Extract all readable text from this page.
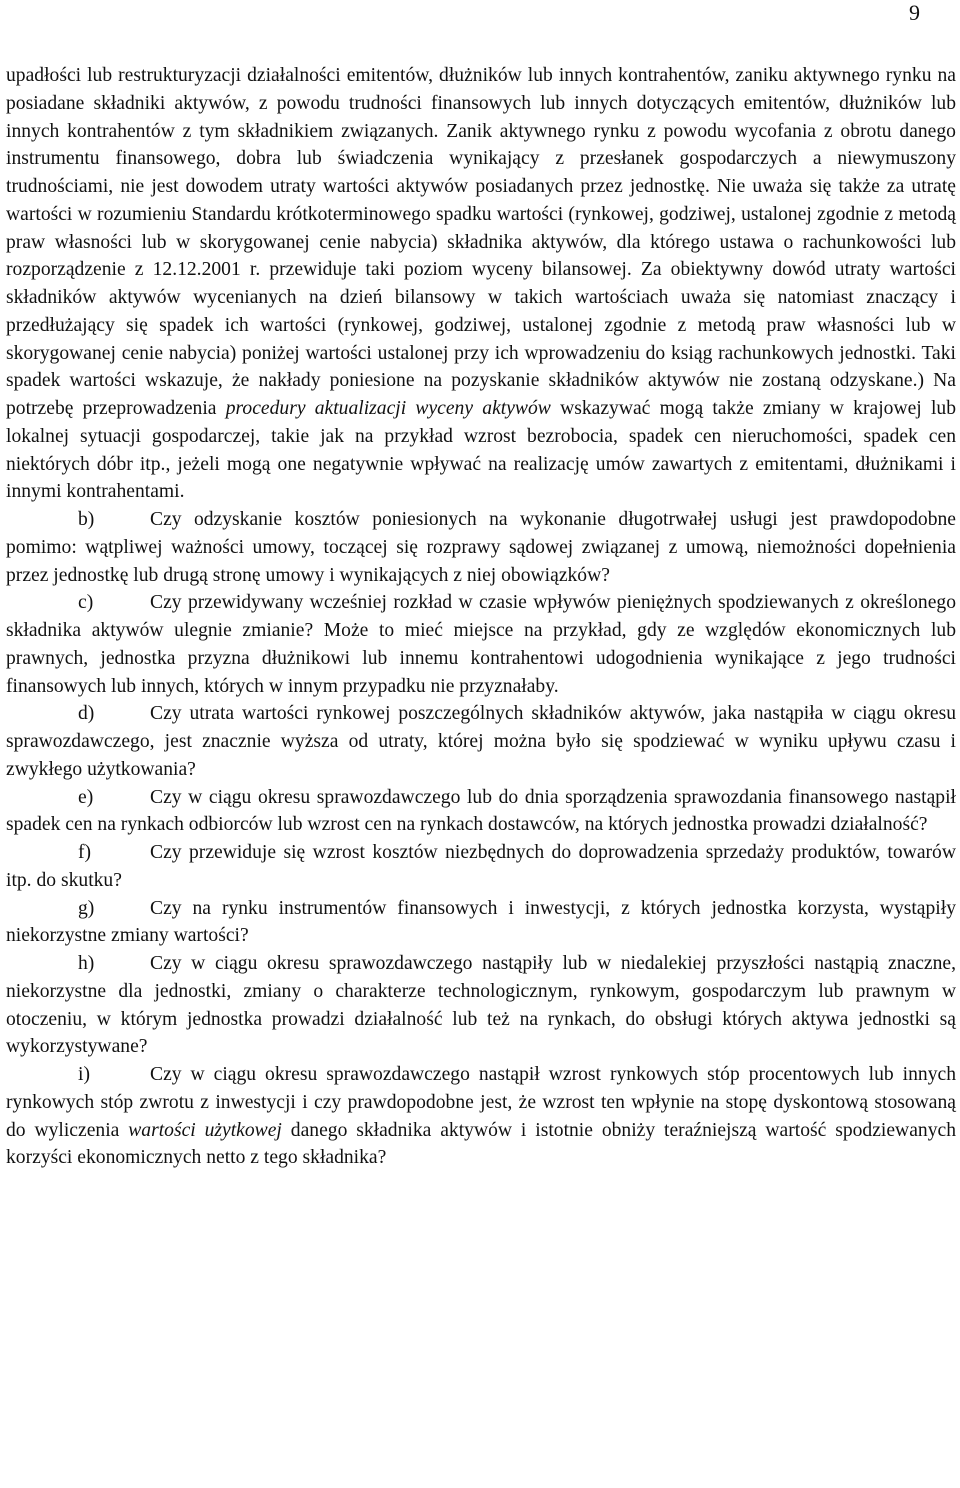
9

upadłości lub restrukturyzacji działalności emitentów, dłużników lub innych kontrahentów, zaniku aktywnego rynku na posiadane składniki aktywów, z powodu trudności finansowych lub innych dotyczących emitentów, dłużników lub innych kontrahentów z tym składnikiem związanych. Zanik aktywnego rynku z powodu wycofania z obrotu danego instrumentu finansowego, dobra lub świadczenia wynikający z przesłanek gospodarczych a niewymuszony trudnościami, nie jest dowodem utraty wartości aktywów posiadanych przez jednostkę. Nie uważa się także za utratę wartości w rozumieniu Standardu krótkoterminowego spadku wartości (rynkowej, godziwej, ustalonej zgodnie z metodą praw własności lub w skorygowanej cenie nabycia) składnika aktywów, dla którego ustawa o rachunkowości lub rozporządzenie z 12.12.2001 r. przewiduje taki poziom wyceny bilansowej. Za obiektywny dowód utraty wartości składników aktywów wycenianych na dzień bilansowy w takich wartościach uważa się natomiast znaczący i przedłużający się spadek ich wartości (rynkowej, godziwej, ustalonej zgodnie z metodą praw własności lub w skorygowanej cenie nabycia) poniżej wartości ustalonej przy ich wprowadzeniu do ksiąg rachunkowych jednostki. Taki spadek wartości wskazuje, że nakłady poniesione na pozyskanie składników aktywów nie zostaną odzyskane.) Na potrzebę przeprowadzenia procedury aktualizacji wyceny aktywów wskazywać mogą także zmiany w krajowej lub lokalnej sytuacji gospodarczej, takie jak na przykład wzrost bezrobocia, spadek cen nieruchomości, spadek cen niektórych dóbr itp., jeżeli mogą one negatywnie wpływać na realizację umów zawartych z emitentami, dłużnikami i innymi kontrahentami.

b)	Czy odzyskanie kosztów poniesionych na wykonanie długotrwałej usługi jest prawdopodobne pomimo: wątpliwej ważności umowy, toczącej się rozprawy sądowej związanej z umową, niemożności dopełnienia przez jednostkę lub drugą stronę umowy i wynikających z niej obowiązków?

c)	Czy przewidywany wcześniej rozkład w czasie wpływów pieniężnych spodziewanych z określonego składnika aktywów ulegnie zmianie? Może to mieć miejsce na przykład, gdy ze względów ekonomicznych lub prawnych, jednostka przyzna dłużnikowi lub innemu kontrahentowi udogodnienia wynikające z jego trudności finansowych lub innych, których w innym przypadku nie przyznałaby.

d)	Czy utrata wartości rynkowej poszczególnych składników aktywów, jaka nastąpiła w ciągu okresu sprawozdawczego, jest znacznie wyższa od utraty, której można było się spodziewać w wyniku upływu czasu i zwykłego użytkowania?

e)	Czy w ciągu okresu sprawozdawczego lub do dnia sporządzenia sprawozdania finansowego nastąpił spadek cen na rynkach odbiorców lub wzrost cen na rynkach dostawców, na których jednostka prowadzi działalność?

f)	Czy przewiduje się wzrost kosztów niezbędnych do doprowadzenia sprzedaży produktów, towarów itp. do skutku?

g)	Czy na rynku instrumentów finansowych i inwestycji, z których jednostka korzysta, wystąpiły niekorzystne zmiany wartości?

h)	Czy w ciągu okresu sprawozdawczego nastąpiły lub w niedalekiej przyszłości nastąpią znaczne, niekorzystne dla jednostki, zmiany o charakterze technologicznym, rynkowym, gospodarczym lub prawnym w otoczeniu, w którym jednostka prowadzi działalność lub też na rynkach, do obsługi których aktywa jednostki są wykorzystywane?

i)	Czy w ciągu okresu sprawozdawczego nastąpił wzrost rynkowych stóp procentowych lub innych rynkowych stóp zwrotu z inwestycji i czy prawdopodobne jest, że wzrost ten wpłynie na stopę dyskontową stosowaną do wyliczenia wartości użytkowej danego składnika aktywów i istotnie obniży teraźniejszą wartość spodziewanych korzyści ekonomicznych netto z tego składnika?
